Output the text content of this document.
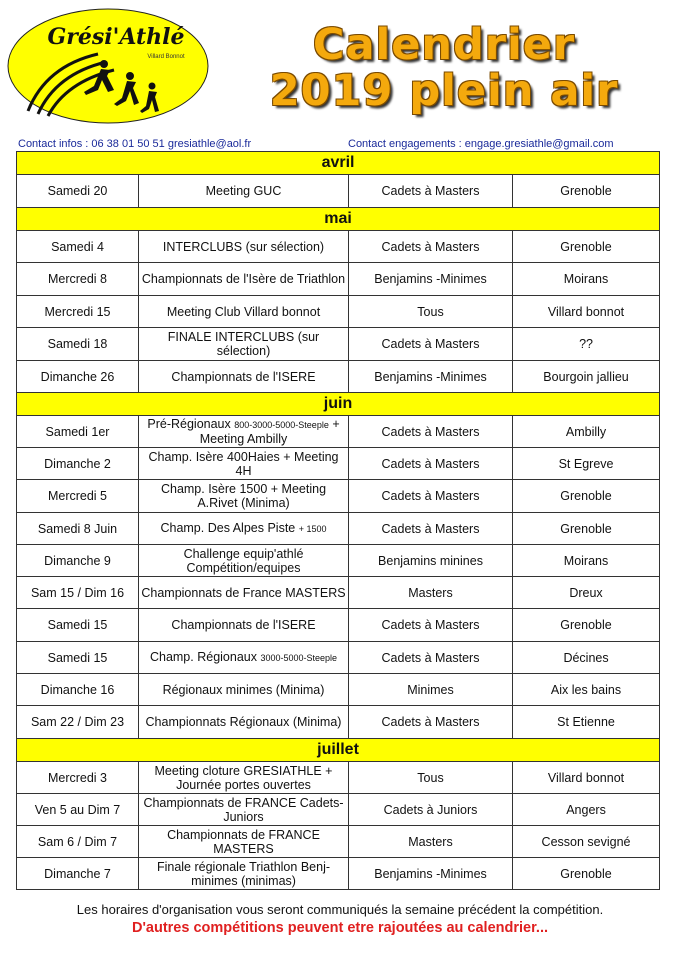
Grési'Athlé
Villard Bonnot	Calendrier
2019 plein air
Contact infos : 06 38 01 50 51 gresiathle@aol.fr	Contact engagements : engage.gresiathle@gmail.com
avril			
Samedi 20	Meeting GUC	Cadets à Masters	Grenoble
mai			
Samedi 4	INTERCLUBS (sur sélection)	Cadets à Masters	Grenoble
Mercredi 8	Championnats de l'Isère de Triathlon	Benjamins -Minimes	Moirans
Mercredi 15	Meeting Club Villard bonnot	Tous	Villard bonnot
Samedi 18	FINALE INTERCLUBS (sur sélection)	Cadets à Masters	??
Dimanche 26	Championnats de l'ISERE	Benjamins -Minimes	Bourgoin jallieu
juin			
Samedi 1er	Pré-Régionaux 800-3000-5000-Steeple + Meeting Ambilly	Cadets à Masters	Ambilly
Dimanche 2	Champ. Isère 400Haies + Meeting 4H	Cadets à Masters	St Egreve
Mercredi 5	Champ. Isère 1500 + Meeting A.Rivet (Minima)	Cadets à Masters	Grenoble
Samedi 8 Juin	Champ. Des Alpes Piste + 1500	Cadets à Masters	Grenoble
Dimanche 9	Challenge equip'athlé Compétition/equipes	Benjamins minines	Moirans
Sam 15 / Dim 16	Championnats de France MASTERS	Masters	Dreux
Samedi 15	Championnats de l'ISERE	Cadets à Masters	Grenoble
Samedi 15	Champ. Régionaux 3000-5000-Steeple	Cadets à Masters	Décines
Dimanche 16	Régionaux minimes (Minima)	Minimes	Aix les bains
Sam 22 / Dim 23	Championnats Régionaux (Minima)	Cadets à Masters	St Etienne
juillet			
Mercredi 3	Meeting cloture GRESIATHLE + Journée portes ouvertes	Tous	Villard bonnot
Ven 5 au Dim 7	Championnats de FRANCE Cadets- Juniors	Cadets à Juniors	Angers
Sam 6 / Dim 7	Championnats de FRANCE MASTERS	Masters	Cesson sevigné
Dimanche 7	Finale régionale Triathlon Benj-minimes (minimas)	Benjamins -Minimes	Grenoble
Les horaires d'organisation vous seront communiqués la semaine précédent la compétition.
D'autres compétitions peuvent etre rajoutées au calendrier...
